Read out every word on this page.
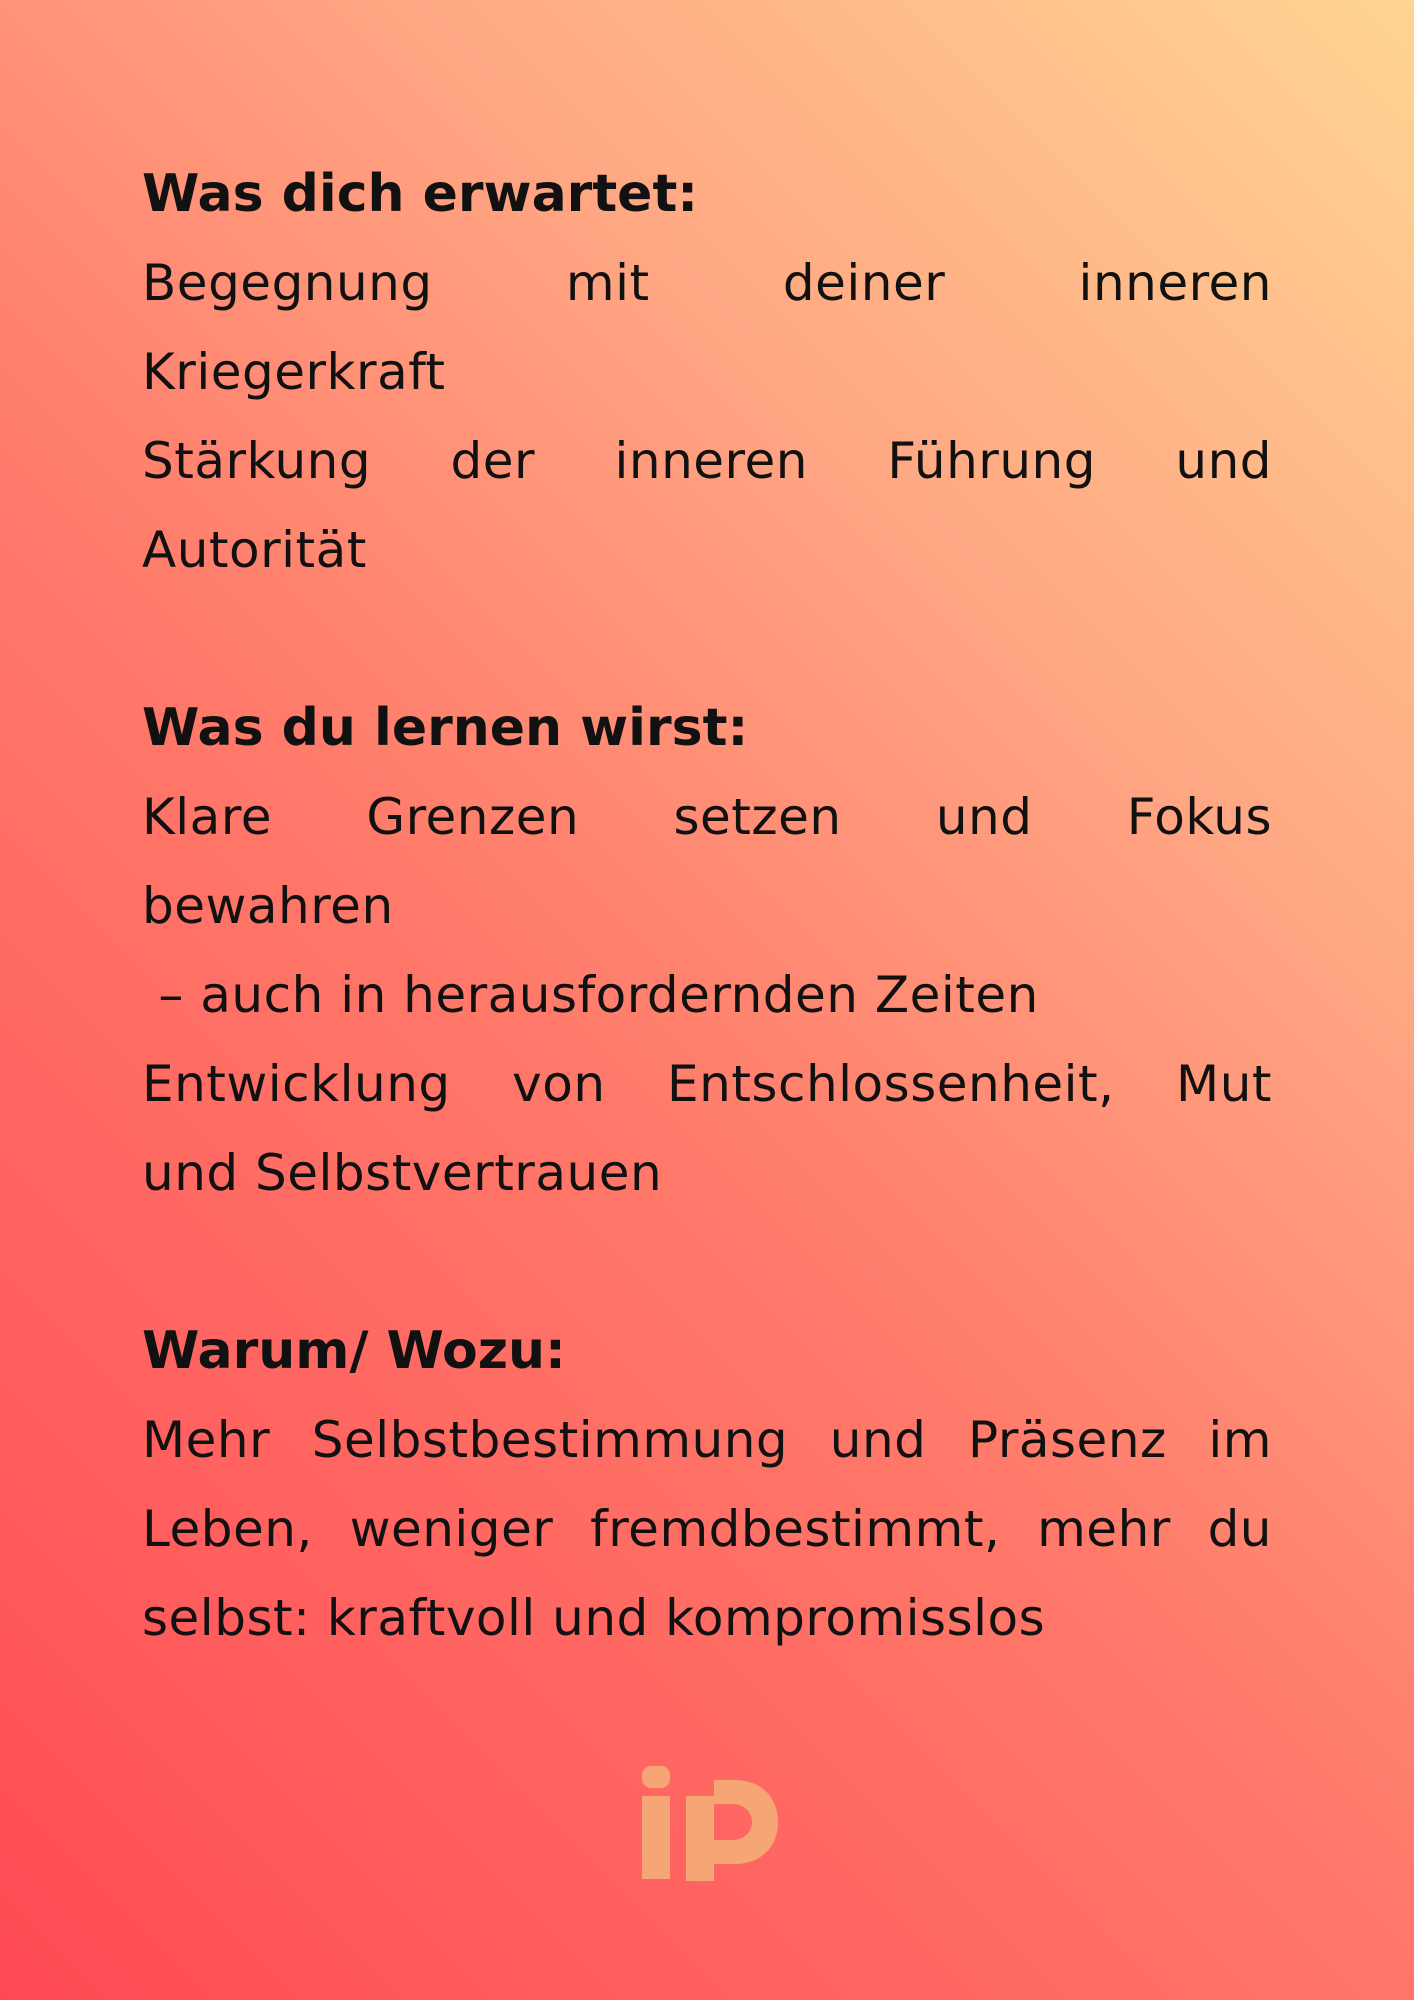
Was dich erwartet:
Begegnung mit deiner inneren
Kriegerkraft
Stärkung der inneren Führung und
Autorität
Was du lernen wirst:
Klare Grenzen setzen und Fokus
bewahren
– auch in herausfordernden Zeiten
Entwicklung von Entschlossenheit, Mut
und Selbstvertrauen
Warum/ Wozu:
Mehr Selbstbestimmung und Präsenz im
Leben, weniger fremdbestimmt, mehr du
selbst: kraftvoll und kompromisslos
